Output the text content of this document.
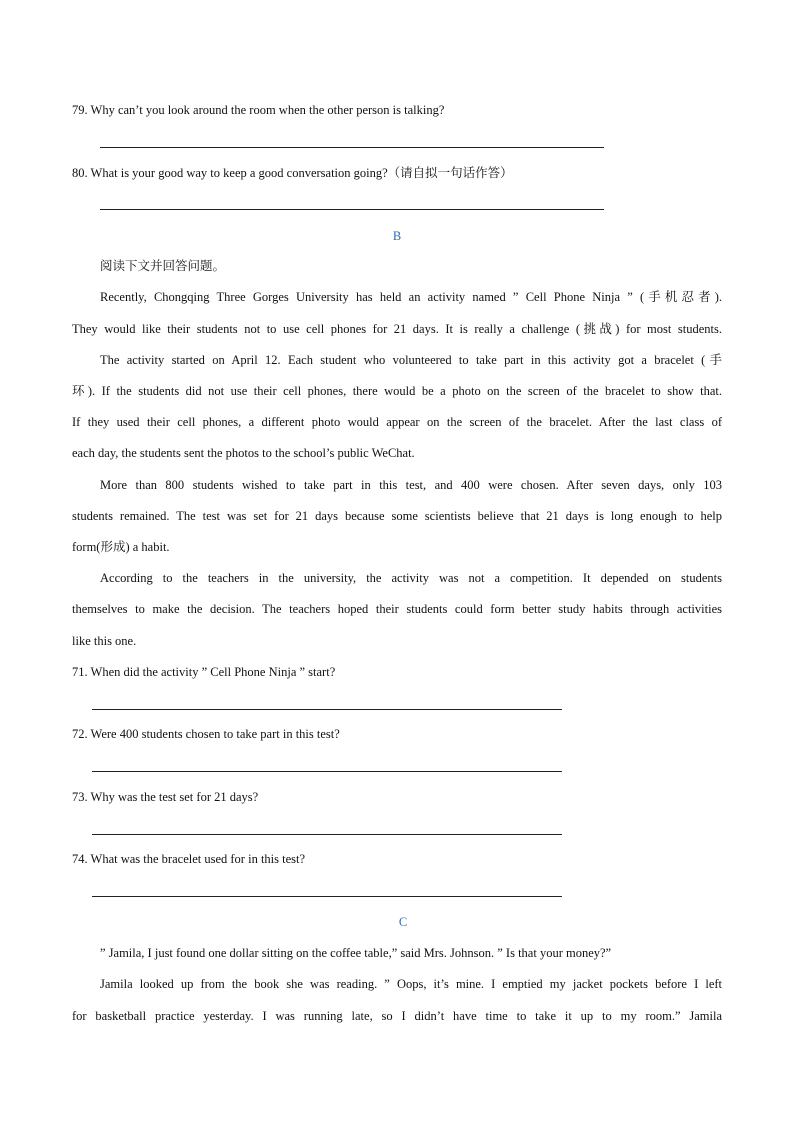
79. Why can’t you look around the room when the other person is talking?
80. What is your good way to keep a good conversation going?（请自拟一句话作答）
B
阅读下文并回答问题。
Recently, Chongqing Three Gorges University has held an activity named ” Cell Phone Ninja ” (手机忍者).
They would like their students not to use cell phones for 21 days. It is really a challenge (挑战) for most students.
The activity started on April 12. Each student who volunteered to take part in this activity got a bracelet (手
环). If the students did not use their cell phones, there would be a photo on the screen of the bracelet to show that.
If they used their cell phones, a different photo would appear on the screen of the bracelet. After the last class of
each day, the students sent the photos to the school’s public WeChat.
More than 800 students wished to take part in this test, and 400 were chosen. After seven days, only 103
students remained. The test was set for 21 days because some scientists believe that 21 days is long enough to help
form(形成) a habit.
According to the teachers in the university, the activity was not a competition. It depended on students
themselves to make the decision. The teachers hoped their students could form better study habits through activities
like this one.
71. When did the activity ” Cell Phone Ninja ” start?
72. Were 400 students chosen to take part in this test?
73. Why was the test set for 21 days?
74. What was the bracelet used for in this test?
C
” Jamila, I just found one dollar sitting on the coffee table,” said Mrs. Johnson. ” Is that your money?”
Jamila looked up from the book she was reading. ” Oops, it’s mine. I emptied my jacket pockets before I left
for basketball practice yesterday. I was running late, so I didn’t have time to take it up to my room.” Jamila
